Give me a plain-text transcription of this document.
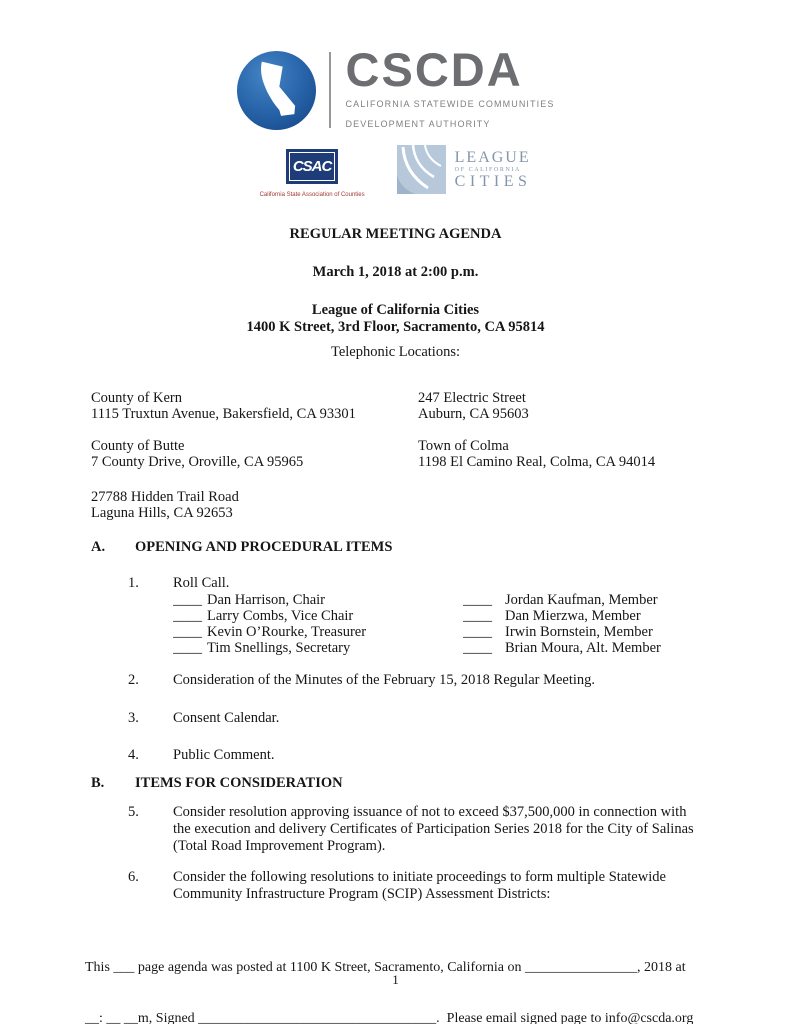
CSCDA
CALIFORNIA STATEWIDE COMMUNITIES
DEVELOPMENT AUTHORITY
CSAC
California State Association of Counties
LEAGUE
OF CALIFORNIA
CITIES
REGULAR MEETING AGENDA
March 1, 2018 at 2:00 p.m.
League of California Cities
1400 K Street, 3rd Floor, Sacramento, CA 95814
Telephonic Locations:
County of Kern
1115 Truxtun Avenue, Bakersfield, CA 93301
247 Electric Street
Auburn, CA 95603
County of Butte
7 County Drive, Oroville, CA 95965
Town of Colma
1198 El Camino Real, Colma, CA 94014
27788 Hidden Trail Road
Laguna Hills, CA 92653
A. OPENING AND PROCEDURAL ITEMS
1. Roll Call.
____ Dan Harrison, Chair	____ Jordan Kaufman, Member
____ Larry Combs, Vice Chair	____ Dan Mierzwa, Member
____ Kevin O’Rourke, Treasurer	____ Irwin Bornstein, Member
____ Tim Snellings, Secretary	____ Brian Moura, Alt. Member
2. Consideration of the Minutes of the February 15, 2018 Regular Meeting.
3. Consent Calendar.
4. Public Comment.
B. ITEMS FOR CONSIDERATION
5. Consider resolution approving issuance of not to exceed $37,500,000 in connection with the execution and delivery Certificates of Participation Series 2018 for the City of Salinas (Total Road Improvement Program).
6. Consider the following resolutions to initiate proceedings to form multiple Statewide Community Infrastructure Program (SCIP) Assessment Districts:

This ___ page agenda was posted at 1100 K Street, Sacramento, California on ________________, 2018 at

__: __ __m, Signed __________________________________.  Please email signed page to info@cscda.org

1
